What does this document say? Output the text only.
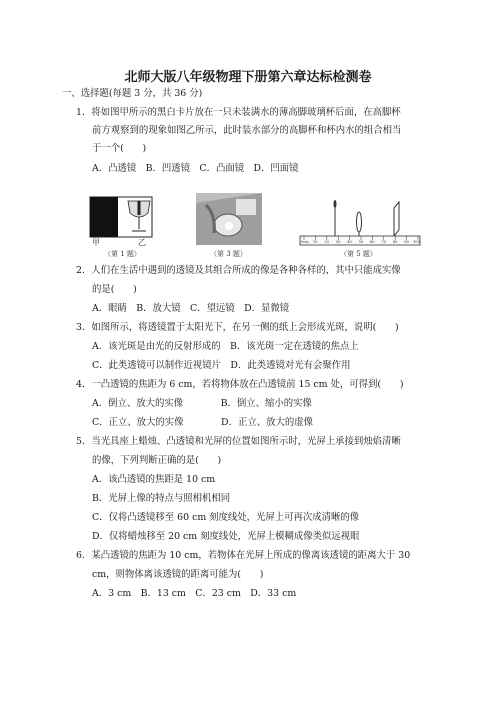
北师大版八年级物理下册第六章达标检测卷
一、选择题(每题 3 分，共 36 分)
1．将如图甲所示的黑白卡片放在一只未装满水的薄高脚玻璃杯后面，在高脚杯
前方观察到的现象如图乙所示，此时装水部分的高脚杯和杯内水的组合相当
于一个(　　)
A．凸透镜　B．凹透镜　C．凸面镜　D．凹面镜
甲	乙
（第 1 题）	（第 3 题）
0cm 10 20 30 40 50 60 70 80 90 100
（第 5 题）
2．人们在生活中遇到的透镜及其组合所成的像是各种各样的，其中只能成实像
的是(　　)
A．眼睛　B．放大镜　C．望远镜　D．显微镜
3．如图所示，将透镜置于太阳光下，在另一侧的纸上会形成光斑，说明(　　)
A．该光斑是由光的反射形成的　B．该光斑一定在透镜的焦点上
C．此类透镜可以制作近视镜片　D．此类透镜对光有会聚作用
4．一凸透镜的焦距为 6 cm，若将物体放在凸透镜前 15 cm 处，可得到(　　)
A．倒立、放大的实像　　　　B．倒立、缩小的实像
C．正立、放大的实像　　　　D．正立、放大的虚像
5．当光具座上蜡烛、凸透镜和光屏的位置如图所示时，光屏上承接到烛焰清晰
的像，下列判断正确的是(　　)
A．该凸透镜的焦距是 10 cm
B．光屏上像的特点与照相机相同
C．仅将凸透镜移至 60 cm 刻度线处，光屏上可再次成清晰的像
D．仅将蜡烛移至 20 cm 刻度线处，光屏上模糊成像类似远视眼
6．某凸透镜的焦距为 10 cm，若物体在光屏上所成的像离该透镜的距离大于 30
cm，则物体离该透镜的距离可能为(　　)
A．3 cm　B．13 cm　C．23 cm　D．33 cm
